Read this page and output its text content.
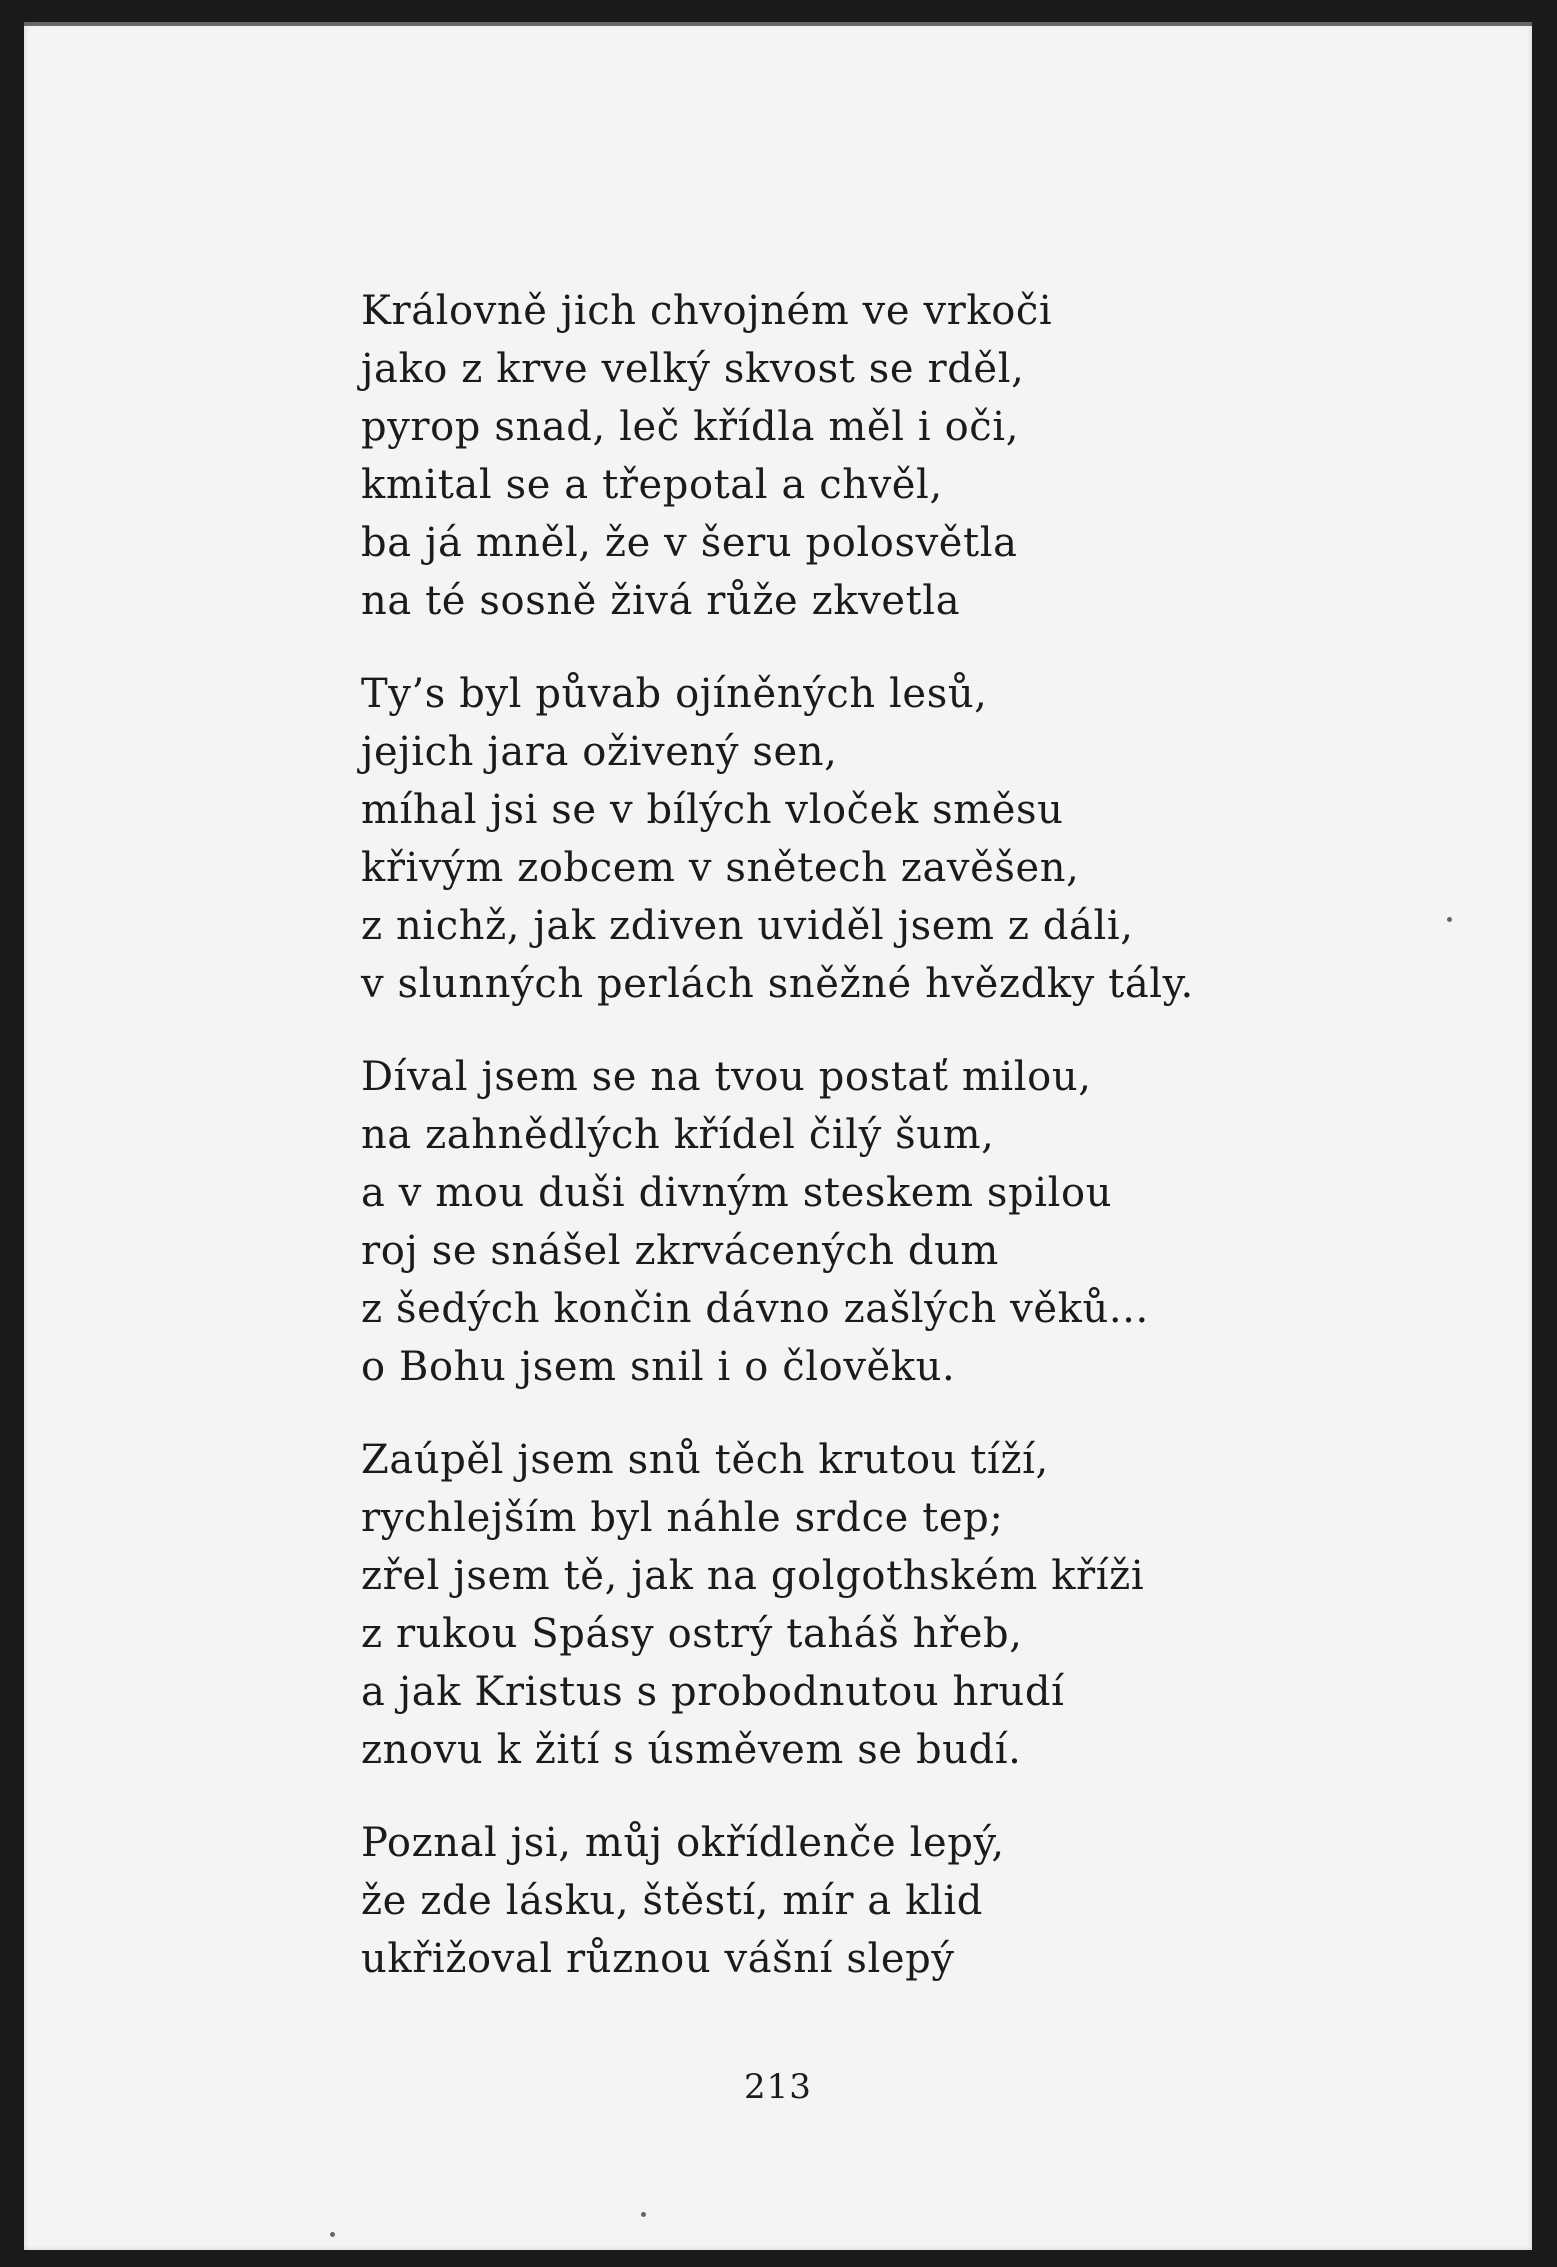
Královně jich chvojném ve vrkoči
jako z krve velký skvost se rděl,
pyrop snad, leč křídla měl i oči,
kmital se a třepotal a chvěl,
ba já mněl, že v šeru polosvětla
na té sosně živá růže zkvetla
Ty’s byl půvab ojíněných lesů,
jejich jara oživený sen,
míhal jsi se v bílých vloček směsu
křivým zobcem v snětech zavěšen,
z nichž, jak zdiven uviděl jsem z dáli,
v slunných perlách sněžné hvězdky tály.
Díval jsem se na tvou postať milou,
na zahnědlých křídel čilý šum,
a v mou duši divným steskem spilou
roj se snášel zkrvácených dum
z šedých končin dávno zašlých věků...
o Bohu jsem snil i o člověku.
Zaúpěl jsem snů těch krutou tíží,
rychlejším byl náhle srdce tep;
zřel jsem tě, jak na golgothském kříži
z rukou Spásy ostrý taháš hřeb,
a jak Kristus s probodnutou hrudí
znovu k žití s úsměvem se budí.
Poznal jsi, můj okřídlenče lepý,
že zde lásku, štěstí, mír a klid
ukřižoval různou vášní slepý
213
